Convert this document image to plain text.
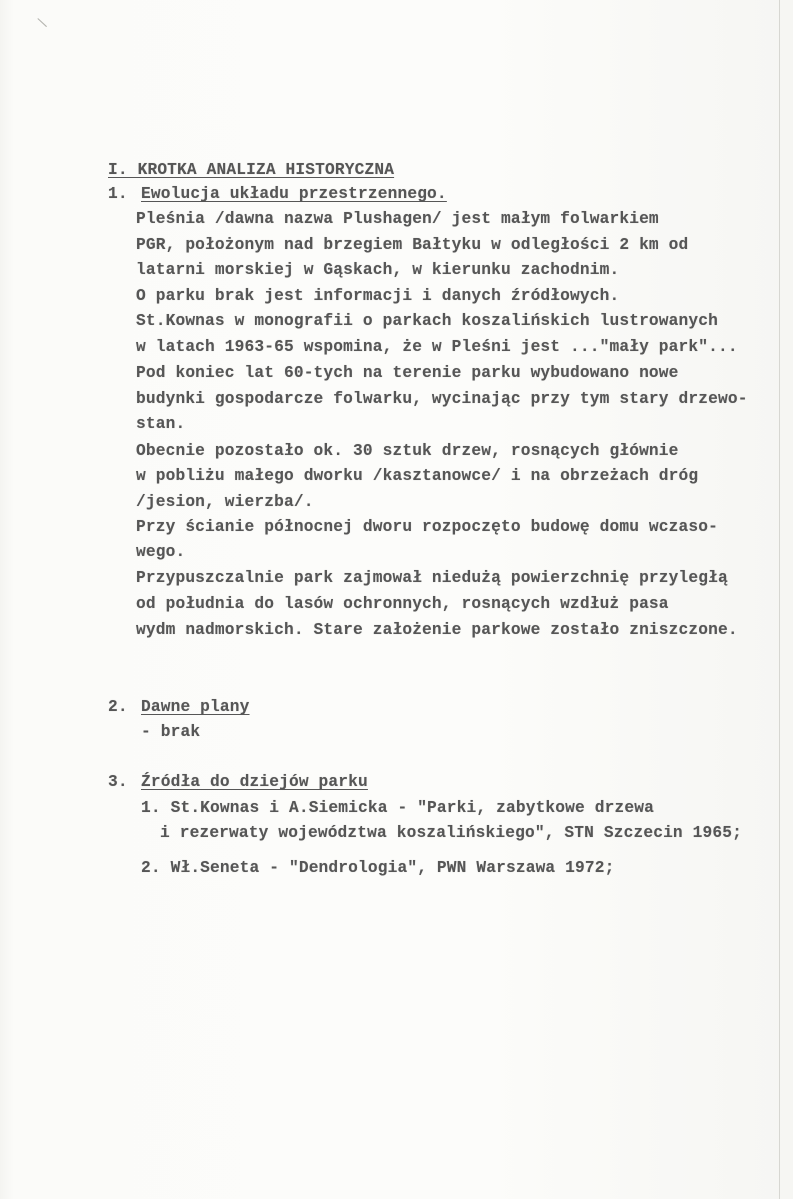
\
I. KROTKA ANALIZA HISTORYCZNA
1. Ewolucja układu przestrzennego.
Pleśnia /dawna nazwa Plushagen/ jest małym folwarkiem
PGR, położonym nad brzegiem Bałtyku w odległości 2 km od
latarni morskiej w Gąskach, w kierunku zachodnim.
O parku brak jest informacji i danych źródłowych.
St.Kownas w monografii o parkach koszalińskich lustrowanych
w latach 1963-65 wspomina, że w Pleśni jest ..."mały park"...
Pod koniec lat 60-tych na terenie parku wybudowano nowe
budynki gospodarcze folwarku, wycinając przy tym stary drzewo-
stan.
Obecnie pozostało ok. 30 sztuk drzew, rosnących głównie
w pobliżu małego dworku /kasztanowce/ i na obrzeżach dróg
/jesion, wierzba/.
Przy ścianie północnej dworu rozpoczęto budowę domu wczaso-
wego.
Przypuszczalnie park zajmował niedużą powierzchnię przyległą
od południa do lasów ochronnych, rosnących wzdłuż pasa
wydm nadmorskich. Stare założenie parkowe zostało zniszczone.
2. Dawne plany
- brak
3. Źródła do dziejów parku
1. St.Kownas i A.Siemicka - "Parki, zabytkowe drzewa
i rezerwaty województwa koszalińskiego", STN Szczecin 1965;
2. Wł.Seneta - "Dendrologia", PWN Warszawa 1972;
